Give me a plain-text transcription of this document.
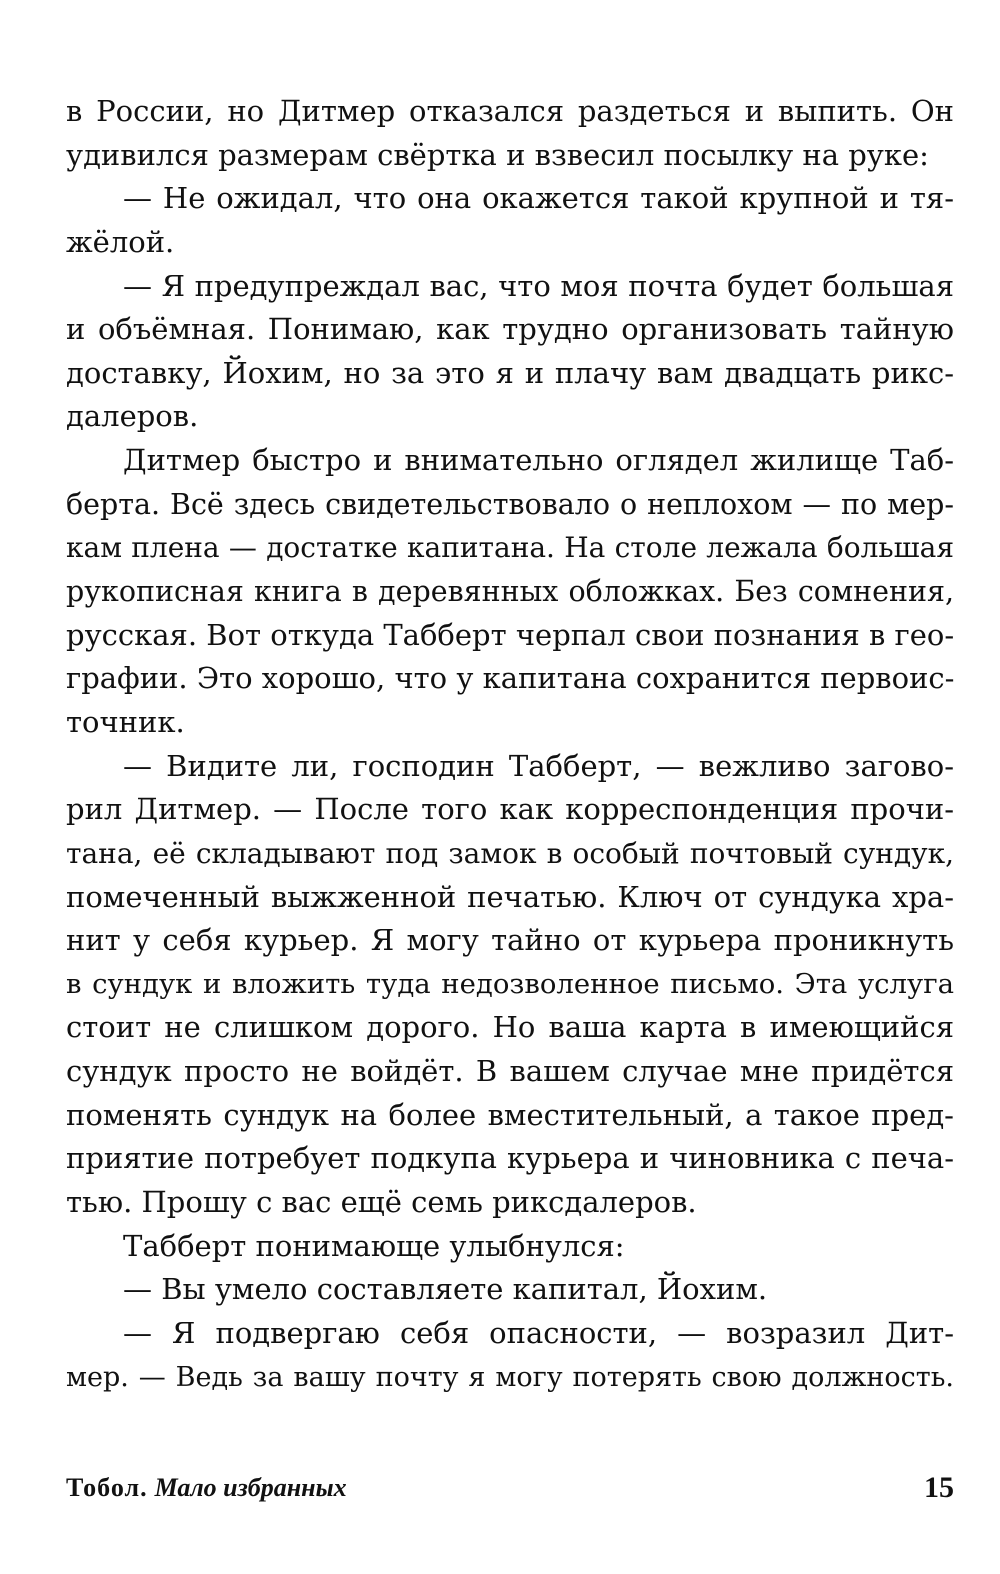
в России, но Дитмер отказался раздеться и выпить. Он
удивился размерам свёртка и взвесил посылку на руке:
— Не ожидал, что она окажется такой крупной и тя-
жёлой.
— Я предупреждал вас, что моя почта будет большая
и объёмная. Понимаю, как трудно организовать тайную
доставку, Йохим, но за это я и плачу вам двадцать рикс-
далеров.
Дитмер быстро и внимательно оглядел жилище Таб-
берта. Всё здесь свидетельствовало о неплохом — по мер-
кам плена — достатке капитана. На столе лежала большая
рукописная книга в деревянных обложках. Без сомнения,
русская. Вот откуда Табберт черпал свои познания в гео-
графии. Это хорошо, что у капитана сохранится первоис-
точник.
— Видите ли, господин Табберт, — вежливо загово-
рил Дитмер. — После того как корреспонденция прочи-
тана, её складывают под замок в особый почтовый сундук,
помеченный выжженной печатью. Ключ от сундука хра-
нит у себя курьер. Я могу тайно от курьера проникнуть
в сундук и вложить туда недозволенное письмо. Эта услуга
стоит не слишком дорого. Но ваша карта в имеющийся
сундук просто не войдёт. В вашем случае мне придётся
поменять сундук на более вместительный, а такое пред-
приятие потребует подкупа курьера и чиновника с печа-
тью. Прошу с вас ещё семь риксдалеров.
Табберт понимающе улыбнулся:
— Вы умело составляете капитал, Йохим.
— Я подвергаю себя опасности, — возразил Дит-
мер. — Ведь за вашу почту я могу потерять свою должность.
Тобол. Мало избранных	15
